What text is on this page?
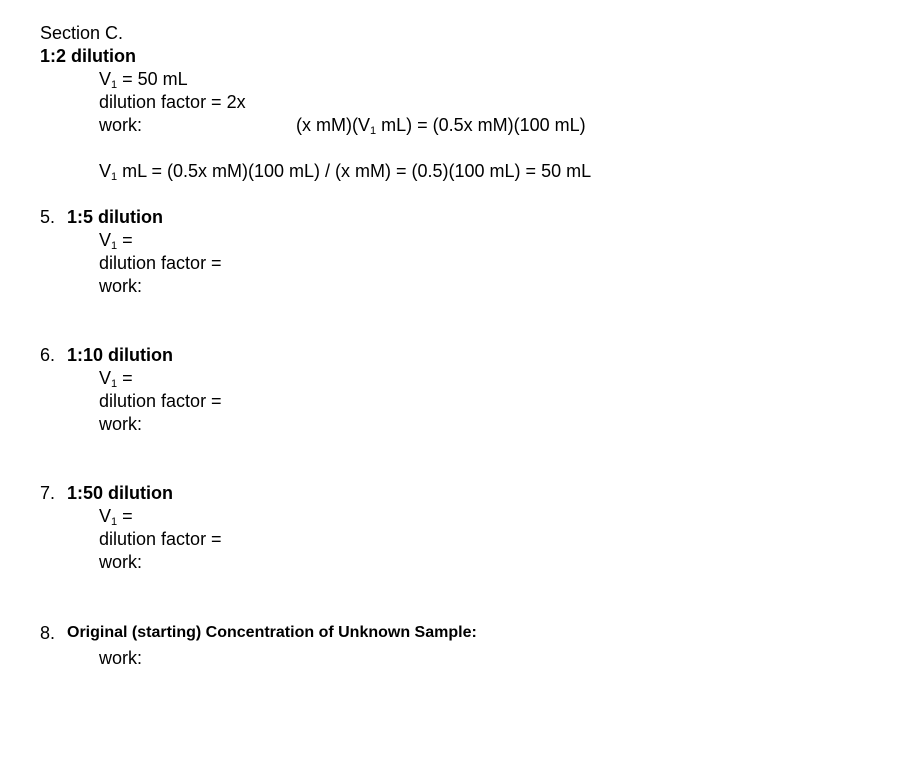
Section C.
1:2 dilution
$V_1 = 50$ mL
dilution factor = 2x
work:	(x $mM)(V_1$ mL) = (0.5x mM)(100 mL)
$V_1$ mL = (0.5x mM)(100 mL) / (x mM) = (0.5)(100 mL) = 50 mL
5. 1:5 dilution
$V_1$ =
dilution factor =
work:
6. 1:10 dilution
$V_1$ =
dilution factor =
work:
7. 1:50 dilution
$V_1$ =
dilution factor =
work:
8. Original (starting) Concentration of Unknown Sample:
work:
